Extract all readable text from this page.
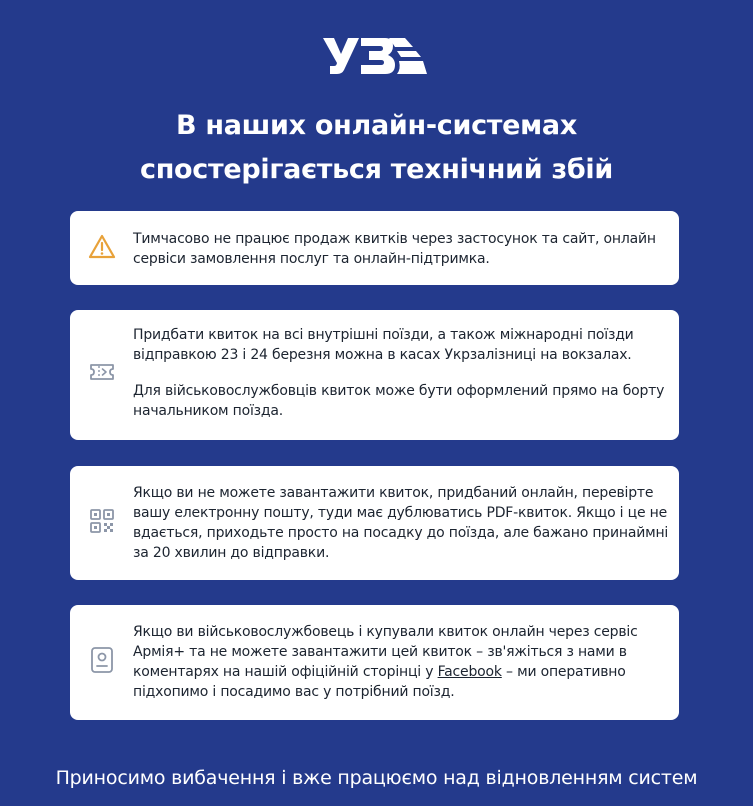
В наших онлайн-системах
спостерігається технічний збій

Тимчасово не працює продаж квитків через застосунок та сайт, онлайн сервіси замовлення послуг та онлайн-підтримка.

Придбати квиток на всі внутрішні поїзди, а також міжнародні поїзди відправкою 23 і 24 березня можна в касах Укрзалізниці на вокзалах.

Для військовослужбовців квиток може бути оформлений прямо на борту начальником поїзда.

Якщо ви не можете завантажити квиток, придбаний онлайн, перевірте вашу електронну пошту, туди має дублюватись PDF-квиток. Якщо і це не вдається, приходьте просто на посадку до поїзда, але бажано принаймні за 20 хвилин до відправки.

Якщо ви військовослужбовець і купували квиток онлайн через сервіс Армія+ та не можете завантажити цей квиток – зв'яжіться з нами в коментарях на нашій офіційній сторінці у Facebook – ми оперативно підхопимо і посадимо вас у потрібний поїзд.

Приносимо вибачення і вже працюємо над відновленням систем
